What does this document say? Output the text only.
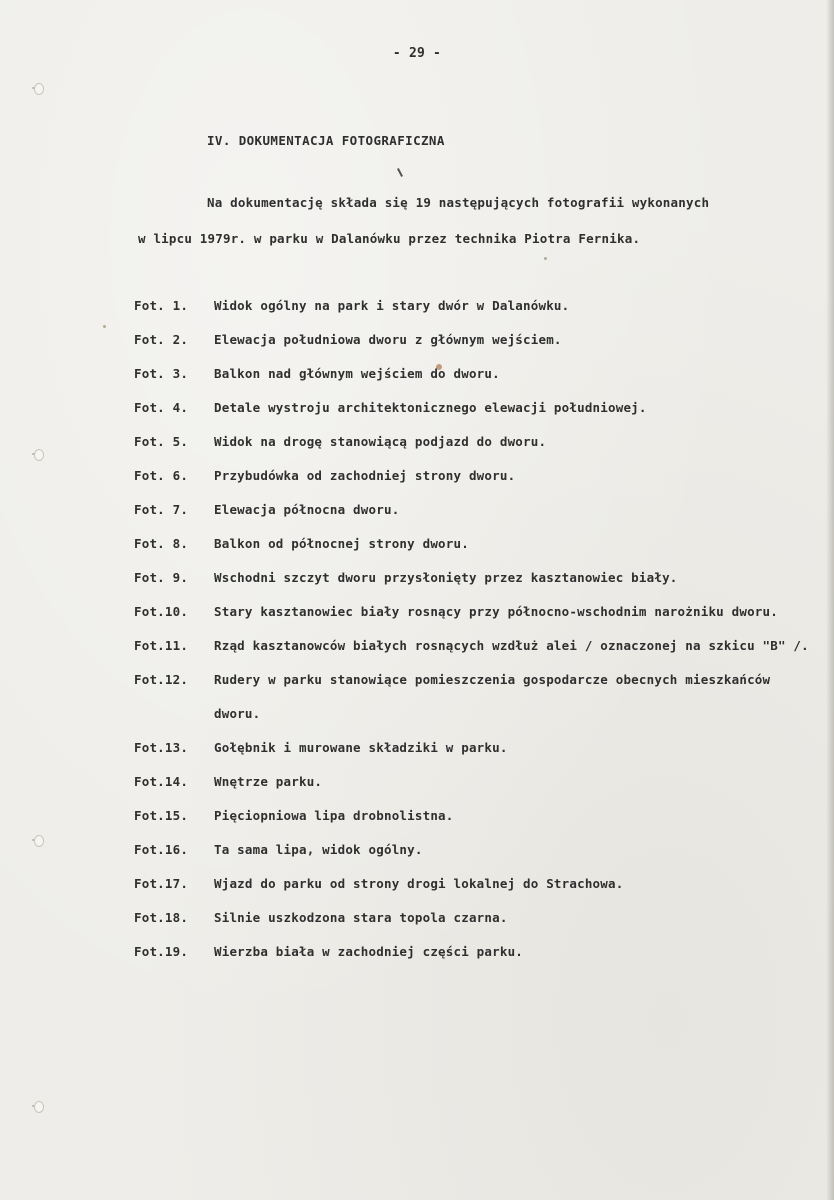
- 29 -
IV. DOKUMENTACJA FOTOGRAFICZNA
Na dokumentację składa się 19 następujących fotografii wykonanych
w lipcu 1979r. w parku w Dalanówku przez technika Piotra Fernika.
Fot. 1.	Widok ogólny na park i stary dwór w Dalanówku.
Fot. 2.	Elewacja południowa dworu z głównym wejściem.
Fot. 3.	Balkon nad głównym wejściem do dworu.
Fot. 4.	Detale wystroju architektonicznego elewacji południowej.
Fot. 5.	Widok na drogę stanowiącą podjazd do dworu.
Fot. 6.	Przybudówka od zachodniej strony dworu.
Fot. 7.	Elewacja północna dworu.
Fot. 8.	Balkon od północnej strony dworu.
Fot. 9.	Wschodni szczyt dworu przysłonięty przez kasztanowiec biały.
Fot.10.	Stary kasztanowiec biały rosnący przy północno-wschodnim narożniku dworu.
Fot.11.	Rząd kasztanowców białych rosnących wzdłuż alei / oznaczonej na szkicu "B" /.
Fot.12.	Rudery w parku stanowiące pomieszczenia gospodarcze obecnych mieszkańców dworu.
Fot.13.	Gołębnik i murowane składziki w parku.
Fot.14.	Wnętrze parku.
Fot.15.	Pięciopniowa lipa drobnolistna.
Fot.16.	Ta sama lipa, widok ogólny.
Fot.17.	Wjazd do parku od strony drogi lokalnej do Strachowa.
Fot.18.	Silnie uszkodzona stara topola czarna.
Fot.19.	Wierzba biała w zachodniej części parku.
